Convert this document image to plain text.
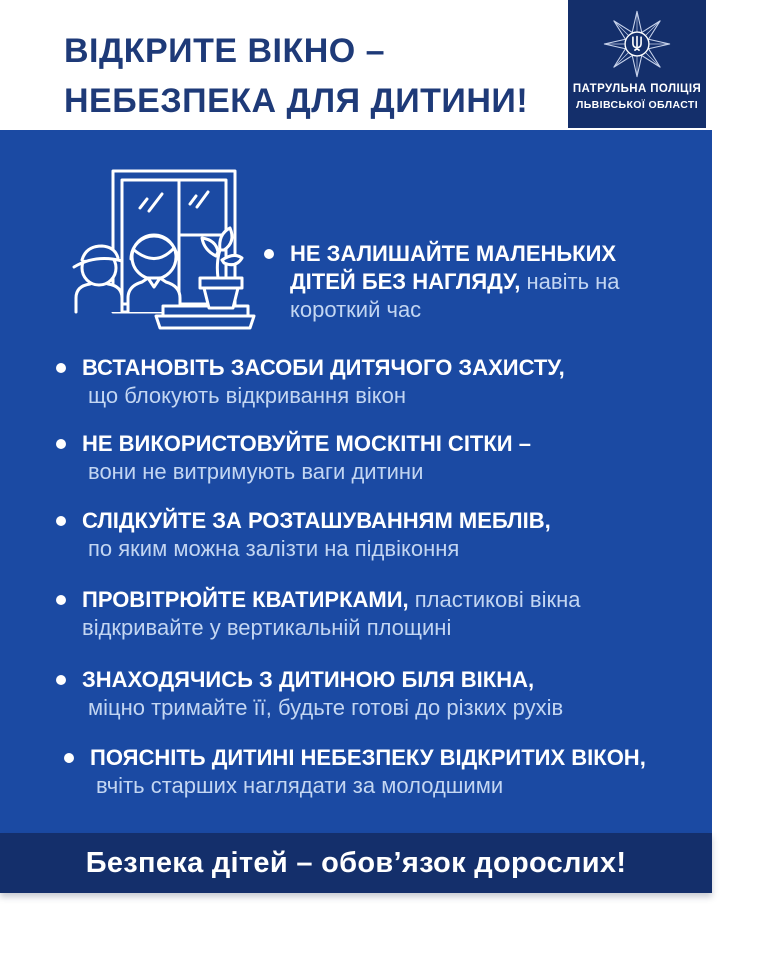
ВІДКРИТЕ ВІКНО –
НЕБЕЗПЕКА ДЛЯ ДИТИНИ!	ПАТРУЛЬНА ПОЛІЦІЯ
ЛЬВІВСЬКОЇ ОБЛАСТІ

НЕ ЗАЛИШАЙТЕ МАЛЕНЬКИХ ДІТЕЙ БЕЗ НАГЛЯДУ, навіть на короткий час

ВСТАНОВІТЬ ЗАСОБИ ДИТЯЧОГО ЗАХИСТУ,
що блокують відкривання вікон

НЕ ВИКОРИСТОВУЙТЕ МОСКІТНІ СІТКИ –
вони не витримують ваги дитини

СЛІДКУЙТЕ ЗА РОЗТАШУВАННЯМ МЕБЛІВ,
по яким можна залізти на підвіконня

ПРОВІТРЮЙТЕ КВАТИРКАМИ, пластикові вікна відкривайте у вертикальній площині

ЗНАХОДЯЧИСЬ З ДИТИНОЮ БІЛЯ ВІКНА,
міцно тримайте її, будьте готові до різких рухів

ПОЯСНІТЬ ДИТИНІ НЕБЕЗПЕКУ ВІДКРИТИХ ВІКОН,
вчіть старших наглядати за молодшими

Безпека дітей – обов’язок дорослих!
